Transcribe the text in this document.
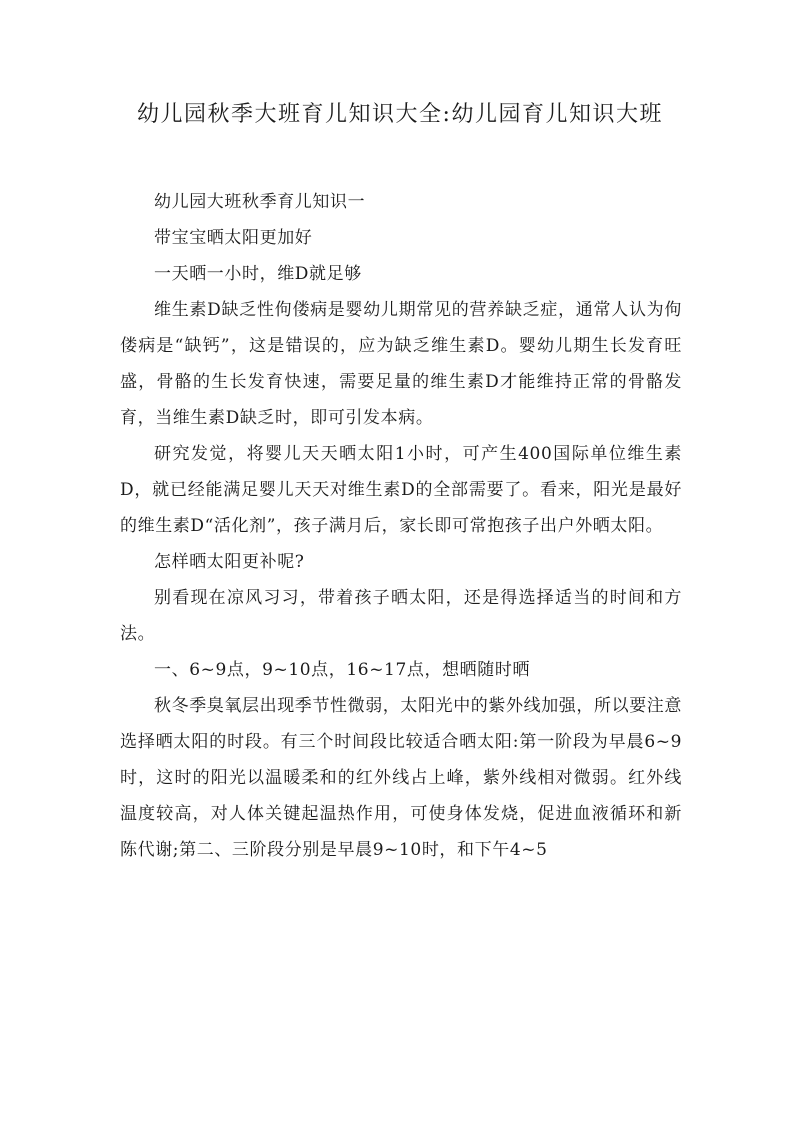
幼儿园秋季大班育儿知识大全:幼儿园育儿知识大班

幼儿园大班秋季育儿知识一

带宝宝晒太阳更加好

一天晒一小时，维D就足够

维生素D缺乏性佝偻病是婴幼儿期常见的营养缺乏症，通常人认为佝偻病是“缺钙”，这是错误的，应为缺乏维生素D。婴幼儿期生长发育旺盛，骨骼的生长发育快速，需要足量的维生素D才能维持正常的骨骼发育，当维生素D缺乏时，即可引发本病。

研究发觉，将婴儿天天晒太阳1小时，可产生400国际单位维生素D，就已经能满足婴儿天天对维生素D的全部需要了。看来，阳光是最好的维生素D“活化剂”，孩子满月后，家长即可常抱孩子出户外晒太阳。

怎样晒太阳更补呢?

别看现在凉风习习，带着孩子晒太阳，还是得选择适当的时间和方法。

一、6~9点，9~10点，16~17点，想晒随时晒

秋冬季臭氧层出现季节性微弱，太阳光中的紫外线加强，所以要注意选择晒太阳的时段。有三个时间段比较适合晒太阳:第一阶段为早晨6~9时，这时的阳光以温暖柔和的红外线占上峰，紫外线相对微弱。红外线温度较高，对人体关键起温热作用，可使身体发烧，促进血液循环和新陈代谢;第二、三阶段分别是早晨9~10时，和下午4~5
